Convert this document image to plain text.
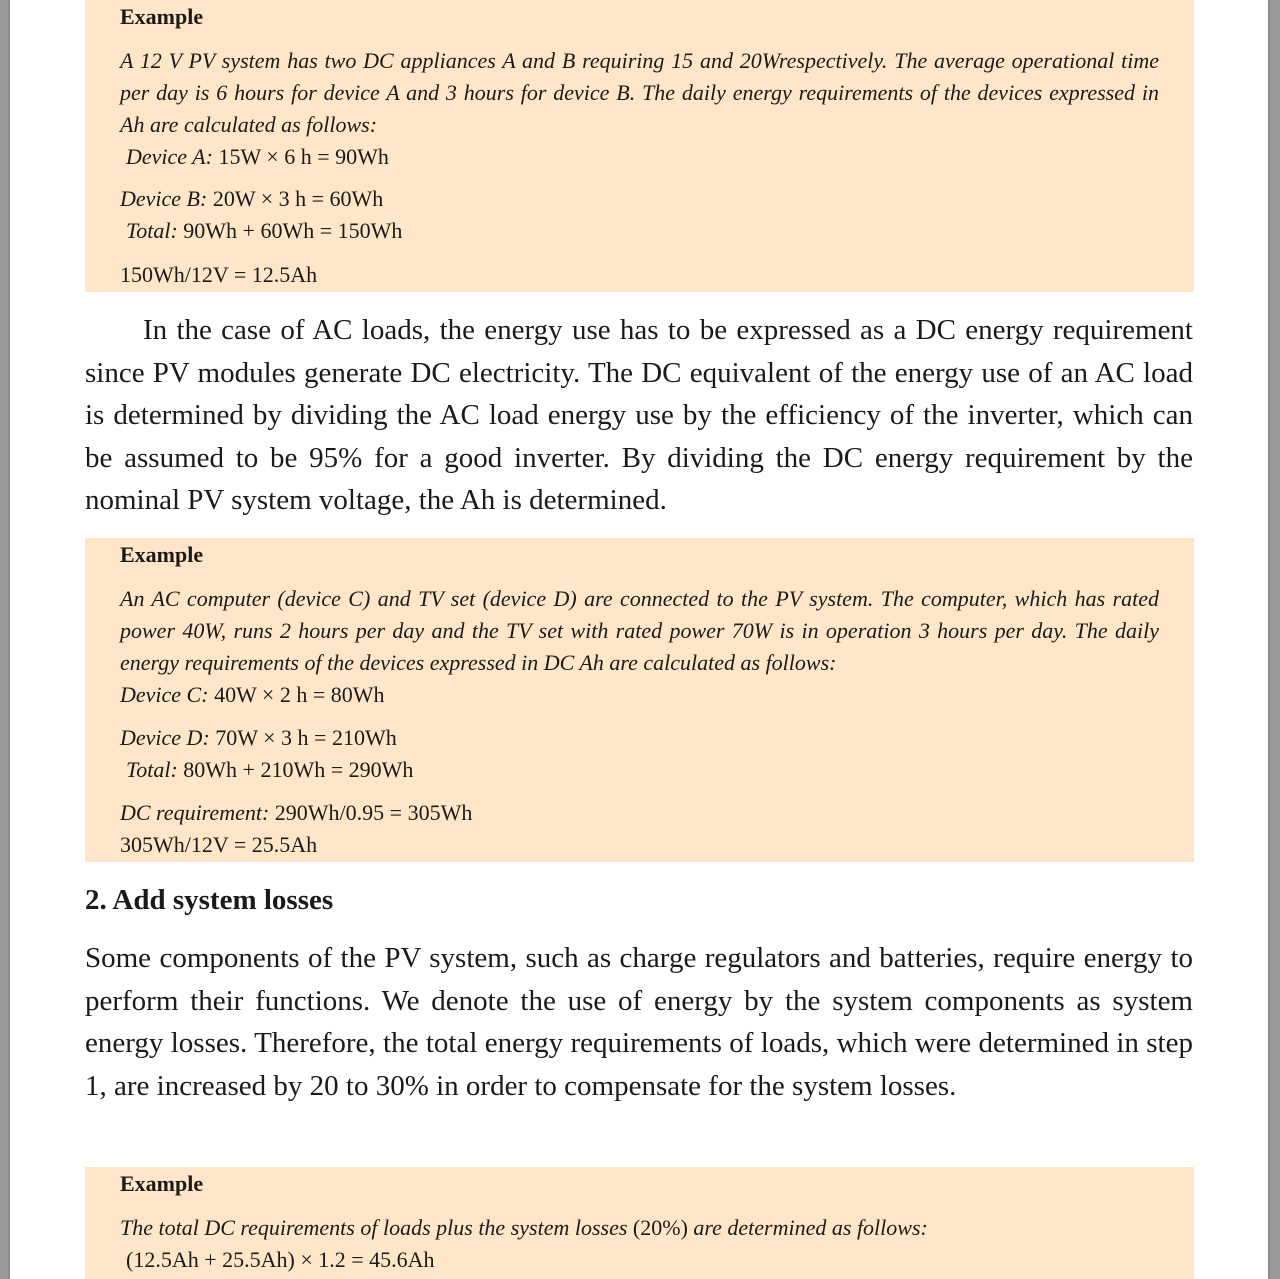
Example
A 12 V PV system has two DC appliances A and B requiring 15 and 20Wrespectively. The average operational time per day is 6 hours for device A and 3 hours for device B. The daily energy requirements of the devices expressed in Ah are calculated as follows:
Device A: 15W × 6 h = 90Wh
Device B: 20W × 3 h = 60Wh
Total: 90Wh + 60Wh = 150Wh
150Wh/12V = 12.5Ah
In the case of AC loads, the energy use has to be expressed as a DC energy requirement since PV modules generate DC electricity. The DC equivalent of the energy use of an AC load is determined by dividing the AC load energy use by the efficiency of the inverter, which can be assumed to be 95% for a good inverter. By dividing the DC energy requirement by the nominal PV system voltage, the Ah is determined.
Example
An AC computer (device C) and TV set (device D) are connected to the PV system. The computer, which has rated power 40W, runs 2 hours per day and the TV set with rated power 70W is in operation 3 hours per day. The daily energy requirements of the devices expressed in DC Ah are calculated as follows:
Device C: 40W × 2 h = 80Wh
Device D: 70W × 3 h = 210Wh
Total: 80Wh + 210Wh = 290Wh
DC requirement: 290Wh/0.95 = 305Wh
305Wh/12V = 25.5Ah
2. Add system losses
Some components of the PV system, such as charge regulators and batteries, require energy to perform their functions. We denote the use of energy by the system components as system energy losses. Therefore, the total energy requirements of loads, which were determined in step 1, are increased by 20 to 30% in order to compensate for the system losses.
Example
The total DC requirements of loads plus the system losses (20%) are determined as follows:
(12.5Ah + 25.5Ah) × 1.2 = 45.6Ah
